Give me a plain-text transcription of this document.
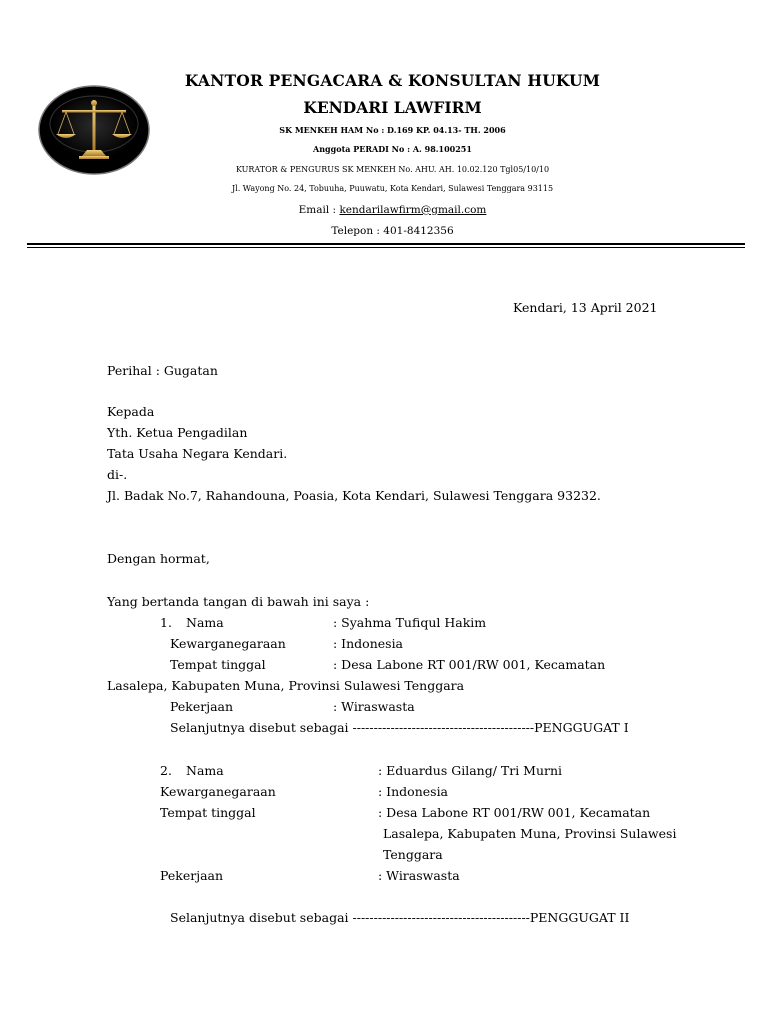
KANTOR PENGACARA & KONSULTAN HUKUM
KENDARI LAWFIRM
SK MENKEH HAM No : D.169 KP. 04.13- TH. 2006
Anggota PERADI No : A. 98.100251
KURATOR & PENGURUS SK MENKEH No. AHU. AH. 10.02.120 Tgl05/10/10
Jl. Wayong No. 24, Tobuuha, Puuwatu, Kota Kendari, Sulawesi Tenggara 93115
Email : kendarilawfirm@gmail.com
Telepon : 401-8412356
Kendari, 13 April 2021
Perihal : Gugatan
Kepada
Yth. Ketua Pengadilan
Tata Usaha Negara Kendari.
di-.
Jl. Badak No.7, Rahandouna, Poasia, Kota Kendari, Sulawesi Tenggara 93232.
Dengan hormat,
Yang bertanda tangan di bawah ini saya :
1. Nama	: Syahma Tufiqul Hakim
Kewarganegaraan	: Indonesia
Tempat tinggal	: Desa Labone RT 001/RW 001, Kecamatan
Lasalepa, Kabupaten Muna, Provinsi Sulawesi Tenggara
Pekerjaan	: Wiraswasta
Selanjutnya disebut sebagai -------------------------------------------PENGGUGAT I
2. Nama	: Eduardus Gilang/ Tri Murni
Kewarganegaraan	: Indonesia
Tempat tinggal	: Desa Labone RT 001/RW 001, Kecamatan
Lasalepa, Kabupaten Muna, Provinsi Sulawesi
Tenggara
Pekerjaan	: Wiraswasta
Selanjutnya disebut sebagai ------------------------------------------PENGGUGAT II
